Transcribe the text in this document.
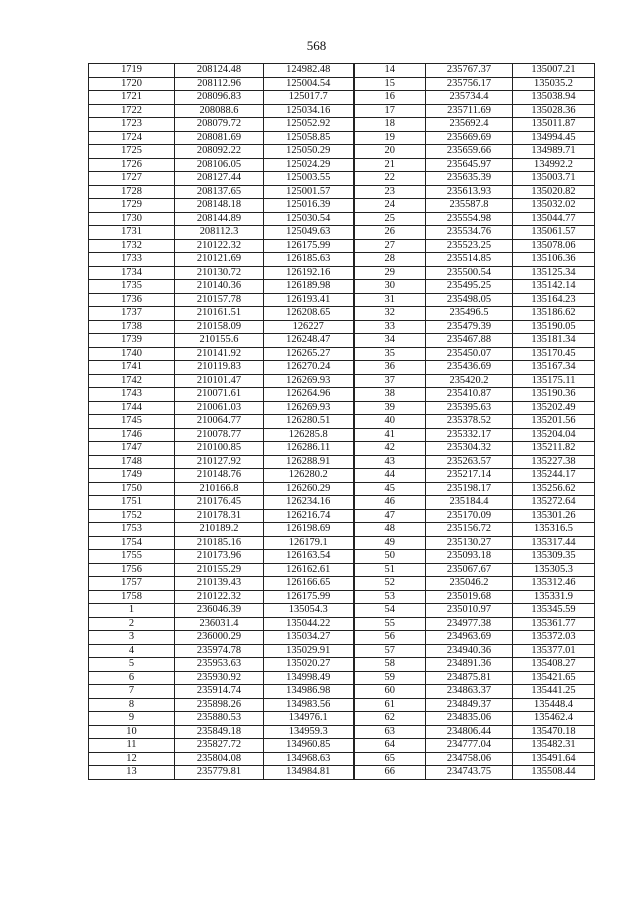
568
1719	208124.48	124982.48	14	235767.37	135007.21
1720	208112.96	125004.54	15	235756.17	135035.2
1721	208096.83	125017.7	16	235734.4	135038.94
1722	208088.6	125034.16	17	235711.69	135028.36
1723	208079.72	125052.92	18	235692.4	135011.87
1724	208081.69	125058.85	19	235669.69	134994.45
1725	208092.22	125050.29	20	235659.66	134989.71
1726	208106.05	125024.29	21	235645.97	134992.2
1727	208127.44	125003.55	22	235635.39	135003.71
1728	208137.65	125001.57	23	235613.93	135020.82
1729	208148.18	125016.39	24	235587.8	135032.02
1730	208144.89	125030.54	25	235554.98	135044.77
1731	208112.3	125049.63	26	235534.76	135061.57
1732	210122.32	126175.99	27	235523.25	135078.06
1733	210121.69	126185.63	28	235514.85	135106.36
1734	210130.72	126192.16	29	235500.54	135125.34
1735	210140.36	126189.98	30	235495.25	135142.14
1736	210157.78	126193.41	31	235498.05	135164.23
1737	210161.51	126208.65	32	235496.5	135186.62
1738	210158.09	126227	33	235479.39	135190.05
1739	210155.6	126248.47	34	235467.88	135181.34
1740	210141.92	126265.27	35	235450.07	135170.45
1741	210119.83	126270.24	36	235436.69	135167.34
1742	210101.47	126269.93	37	235420.2	135175.11
1743	210071.61	126264.96	38	235410.87	135190.36
1744	210061.03	126269.93	39	235395.63	135202.49
1745	210064.77	126280.51	40	235378.52	135201.56
1746	210078.77	126285.8	41	235332.17	135204.04
1747	210100.85	126286.11	42	235304.32	135211.82
1748	210127.92	126288.91	43	235263.57	135227.38
1749	210148.76	126280.2	44	235217.14	135244.17
1750	210166.8	126260.29	45	235198.17	135256.62
1751	210176.45	126234.16	46	235184.4	135272.64
1752	210178.31	126216.74	47	235170.09	135301.26
1753	210189.2	126198.69	48	235156.72	135316.5
1754	210185.16	126179.1	49	235130.27	135317.44
1755	210173.96	126163.54	50	235093.18	135309.35
1756	210155.29	126162.61	51	235067.67	135305.3
1757	210139.43	126166.65	52	235046.2	135312.46
1758	210122.32	126175.99	53	235019.68	135331.9
1	236046.39	135054.3	54	235010.97	135345.59
2	236031.4	135044.22	55	234977.38	135361.77
3	236000.29	135034.27	56	234963.69	135372.03
4	235974.78	135029.91	57	234940.36	135377.01
5	235953.63	135020.27	58	234891.36	135408.27
6	235930.92	134998.49	59	234875.81	135421.65
7	235914.74	134986.98	60	234863.37	135441.25
8	235898.26	134983.56	61	234849.37	135448.4
9	235880.53	134976.1	62	234835.06	135462.4
10	235849.18	134959.3	63	234806.44	135470.18
11	235827.72	134960.85	64	234777.04	135482.31
12	235804.08	134968.63	65	234758.06	135491.64
13	235779.81	134984.81	66	234743.75	135508.44
